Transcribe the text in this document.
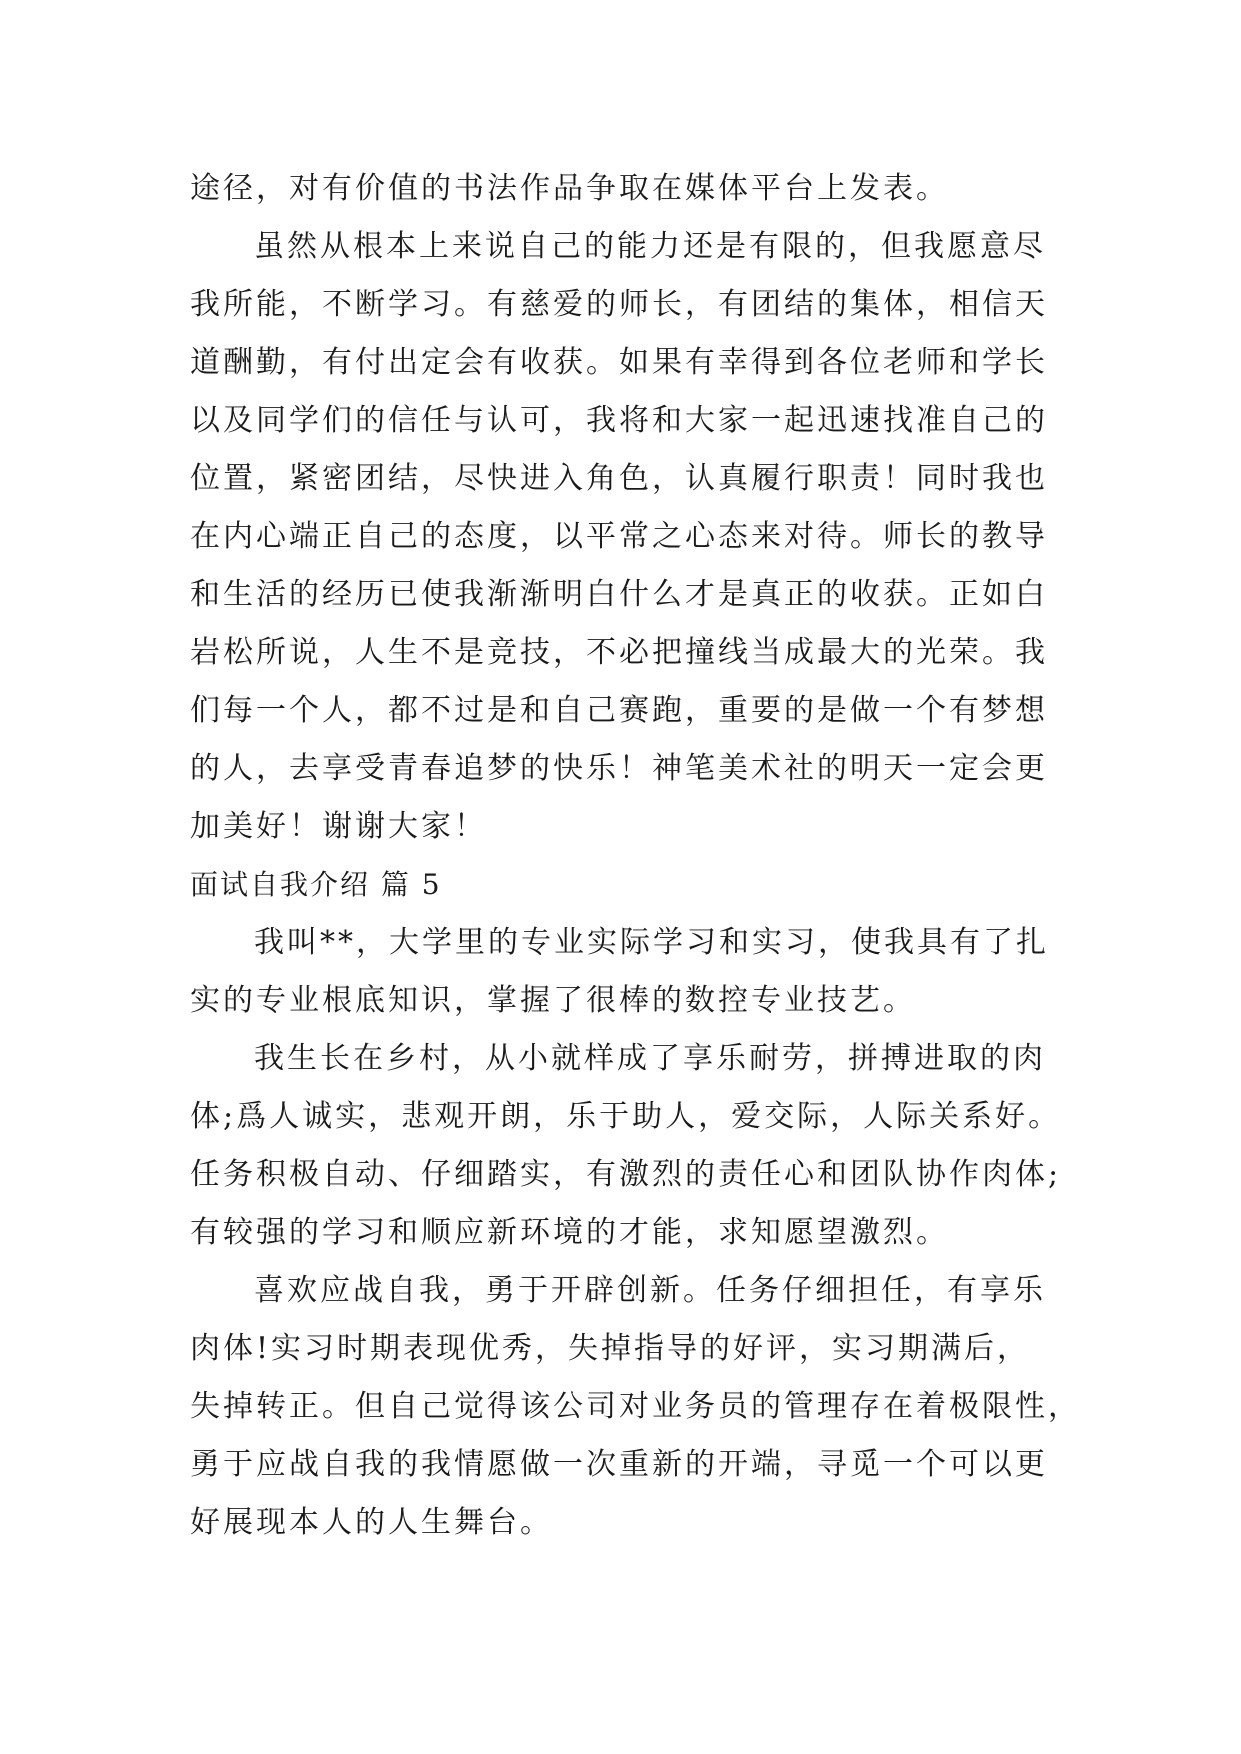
途径，对有价值的书法作品争取在媒体平台上发表。

虽然从根本上来说自己的能力还是有限的，但我愿意尽

我所能，不断学习。有慈爱的师长，有团结的集体，相信天

道酬勤，有付出定会有收获。如果有幸得到各位老师和学长

以及同学们的信任与认可，我将和大家一起迅速找准自己的

位置，紧密团结，尽快进入角色，认真履行职责！同时我也

在内心端正自己的态度，以平常之心态来对待。师长的教导

和生活的经历已使我渐渐明白什么才是真正的收获。正如白

岩松所说，人生不是竞技，不必把撞线当成最大的光荣。我

们每一个人，都不过是和自己赛跑，重要的是做一个有梦想

的人，去享受青春追梦的快乐！神笔美术社的明天一定会更

加美好！谢谢大家！

面试自我介绍 篇 5

我叫**，大学里的专业实际学习和实习，使我具有了扎

实的专业根底知识，掌握了很棒的数控专业技艺。

我生长在乡村，从小就样成了享乐耐劳，拼搏进取的肉

体;爲人诚实，悲观开朗，乐于助人，爱交际，人际关系好。

任务积极自动、仔细踏实，有激烈的责任心和团队协作肉体;

有较强的学习和顺应新环境的才能，求知愿望激烈。

喜欢应战自我，勇于开辟创新。任务仔细担任，有享乐

肉体!实习时期表现优秀，失掉指导的好评，实习期满后，

失掉转正。但自己觉得该公司对业务员的管理存在着极限性，

勇于应战自我的我情愿做一次重新的开端，寻觅一个可以更

好展现本人的人生舞台。
